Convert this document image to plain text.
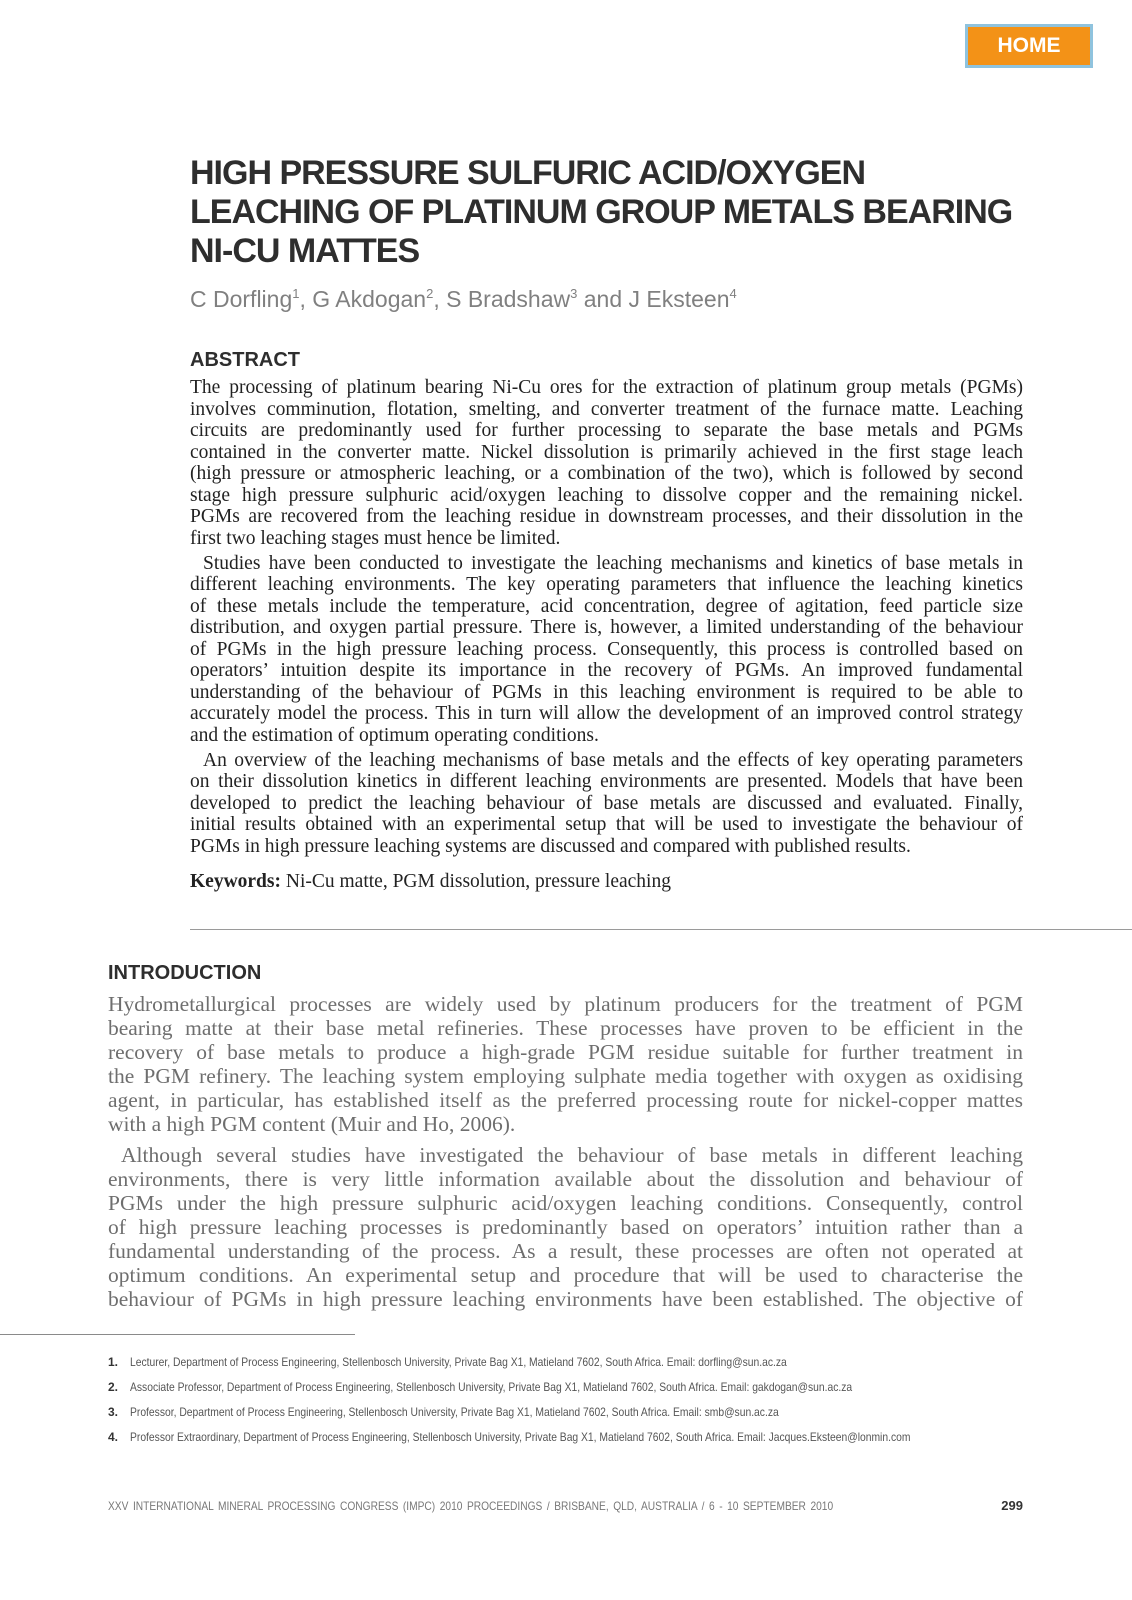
HOME
HIGH PRESSURE SULFURIC ACID/OXYGEN
LEACHING OF PLATINUM GROUP METALS BEARING
NI-CU MATTES
C Dorfling$^1$, G Akdogan$^2$, S Bradshaw$^3$ and J Eksteen$^4$
ABSTRACT
The processing of platinum bearing Ni-Cu ores for the extraction of platinum group metals (PGMs)
involves comminution, flotation, smelting, and converter treatment of the furnace matte. Leaching
circuits are predominantly used for further processing to separate the base metals and PGMs
contained in the converter matte. Nickel dissolution is primarily achieved in the first stage leach
(high pressure or atmospheric leaching, or a combination of the two), which is followed by second
stage high pressure sulphuric acid/oxygen leaching to dissolve copper and the remaining nickel.
PGMs are recovered from the leaching residue in downstream processes, and their dissolution in the
first two leaching stages must hence be limited.
Studies have been conducted to investigate the leaching mechanisms and kinetics of base metals in
different leaching environments. The key operating parameters that influence the leaching kinetics
of these metals include the temperature, acid concentration, degree of agitation, feed particle size
distribution, and oxygen partial pressure. There is, however, a limited understanding of the behaviour
of PGMs in the high pressure leaching process. Consequently, this process is controlled based on
operators’ intuition despite its importance in the recovery of PGMs. An improved fundamental
understanding of the behaviour of PGMs in this leaching environment is required to be able to
accurately model the process. This in turn will allow the development of an improved control strategy
and the estimation of optimum operating conditions.
An overview of the leaching mechanisms of base metals and the effects of key operating parameters
on their dissolution kinetics in different leaching environments are presented. Models that have been
developed to predict the leaching behaviour of base metals are discussed and evaluated. Finally,
initial results obtained with an experimental setup that will be used to investigate the behaviour of
PGMs in high pressure leaching systems are discussed and compared with published results.
Keywords: Ni-Cu matte, PGM dissolution, pressure leaching
INTRODUCTION
Hydrometallurgical processes are widely used by platinum producers for the treatment of PGM
bearing matte at their base metal refineries. These processes have proven to be efficient in the
recovery of base metals to produce a high-grade PGM residue suitable for further treatment in
the PGM refinery. The leaching system employing sulphate media together with oxygen as oxidising
agent, in particular, has established itself as the preferred processing route for nickel-copper mattes
with a high PGM content (Muir and Ho, 2006).
Although several studies have investigated the behaviour of base metals in different leaching
environments, there is very little information available about the dissolution and behaviour of
PGMs under the high pressure sulphuric acid/oxygen leaching conditions. Consequently, control
of high pressure leaching processes is predominantly based on operators’ intuition rather than a
fundamental understanding of the process. As a result, these processes are often not operated at
optimum conditions. An experimental setup and procedure that will be used to characterise the
behaviour of PGMs in high pressure leaching environments have been established. The objective of
1. Lecturer, Department of Process Engineering, Stellenbosch University, Private Bag X1, Matieland 7602, South Africa. Email: dorfling@sun.ac.za
2. Associate Professor, Department of Process Engineering, Stellenbosch University, Private Bag X1, Matieland 7602, South Africa. Email: gakdogan@sun.ac.za
3. Professor, Department of Process Engineering, Stellenbosch University, Private Bag X1, Matieland 7602, South Africa. Email: smb@sun.ac.za
4. Professor Extraordinary, Department of Process Engineering, Stellenbosch University, Private Bag X1, Matieland 7602, South Africa. Email: Jacques.Eksteen@lonmin.com
XXV INTERNATIONAL MINERAL PROCESSING CONGRESS (IMPC) 2010 PROCEEDINGS / BRISBANE, QLD, AUSTRALIA / 6 - 10 SEPTEMBER 2010	299
